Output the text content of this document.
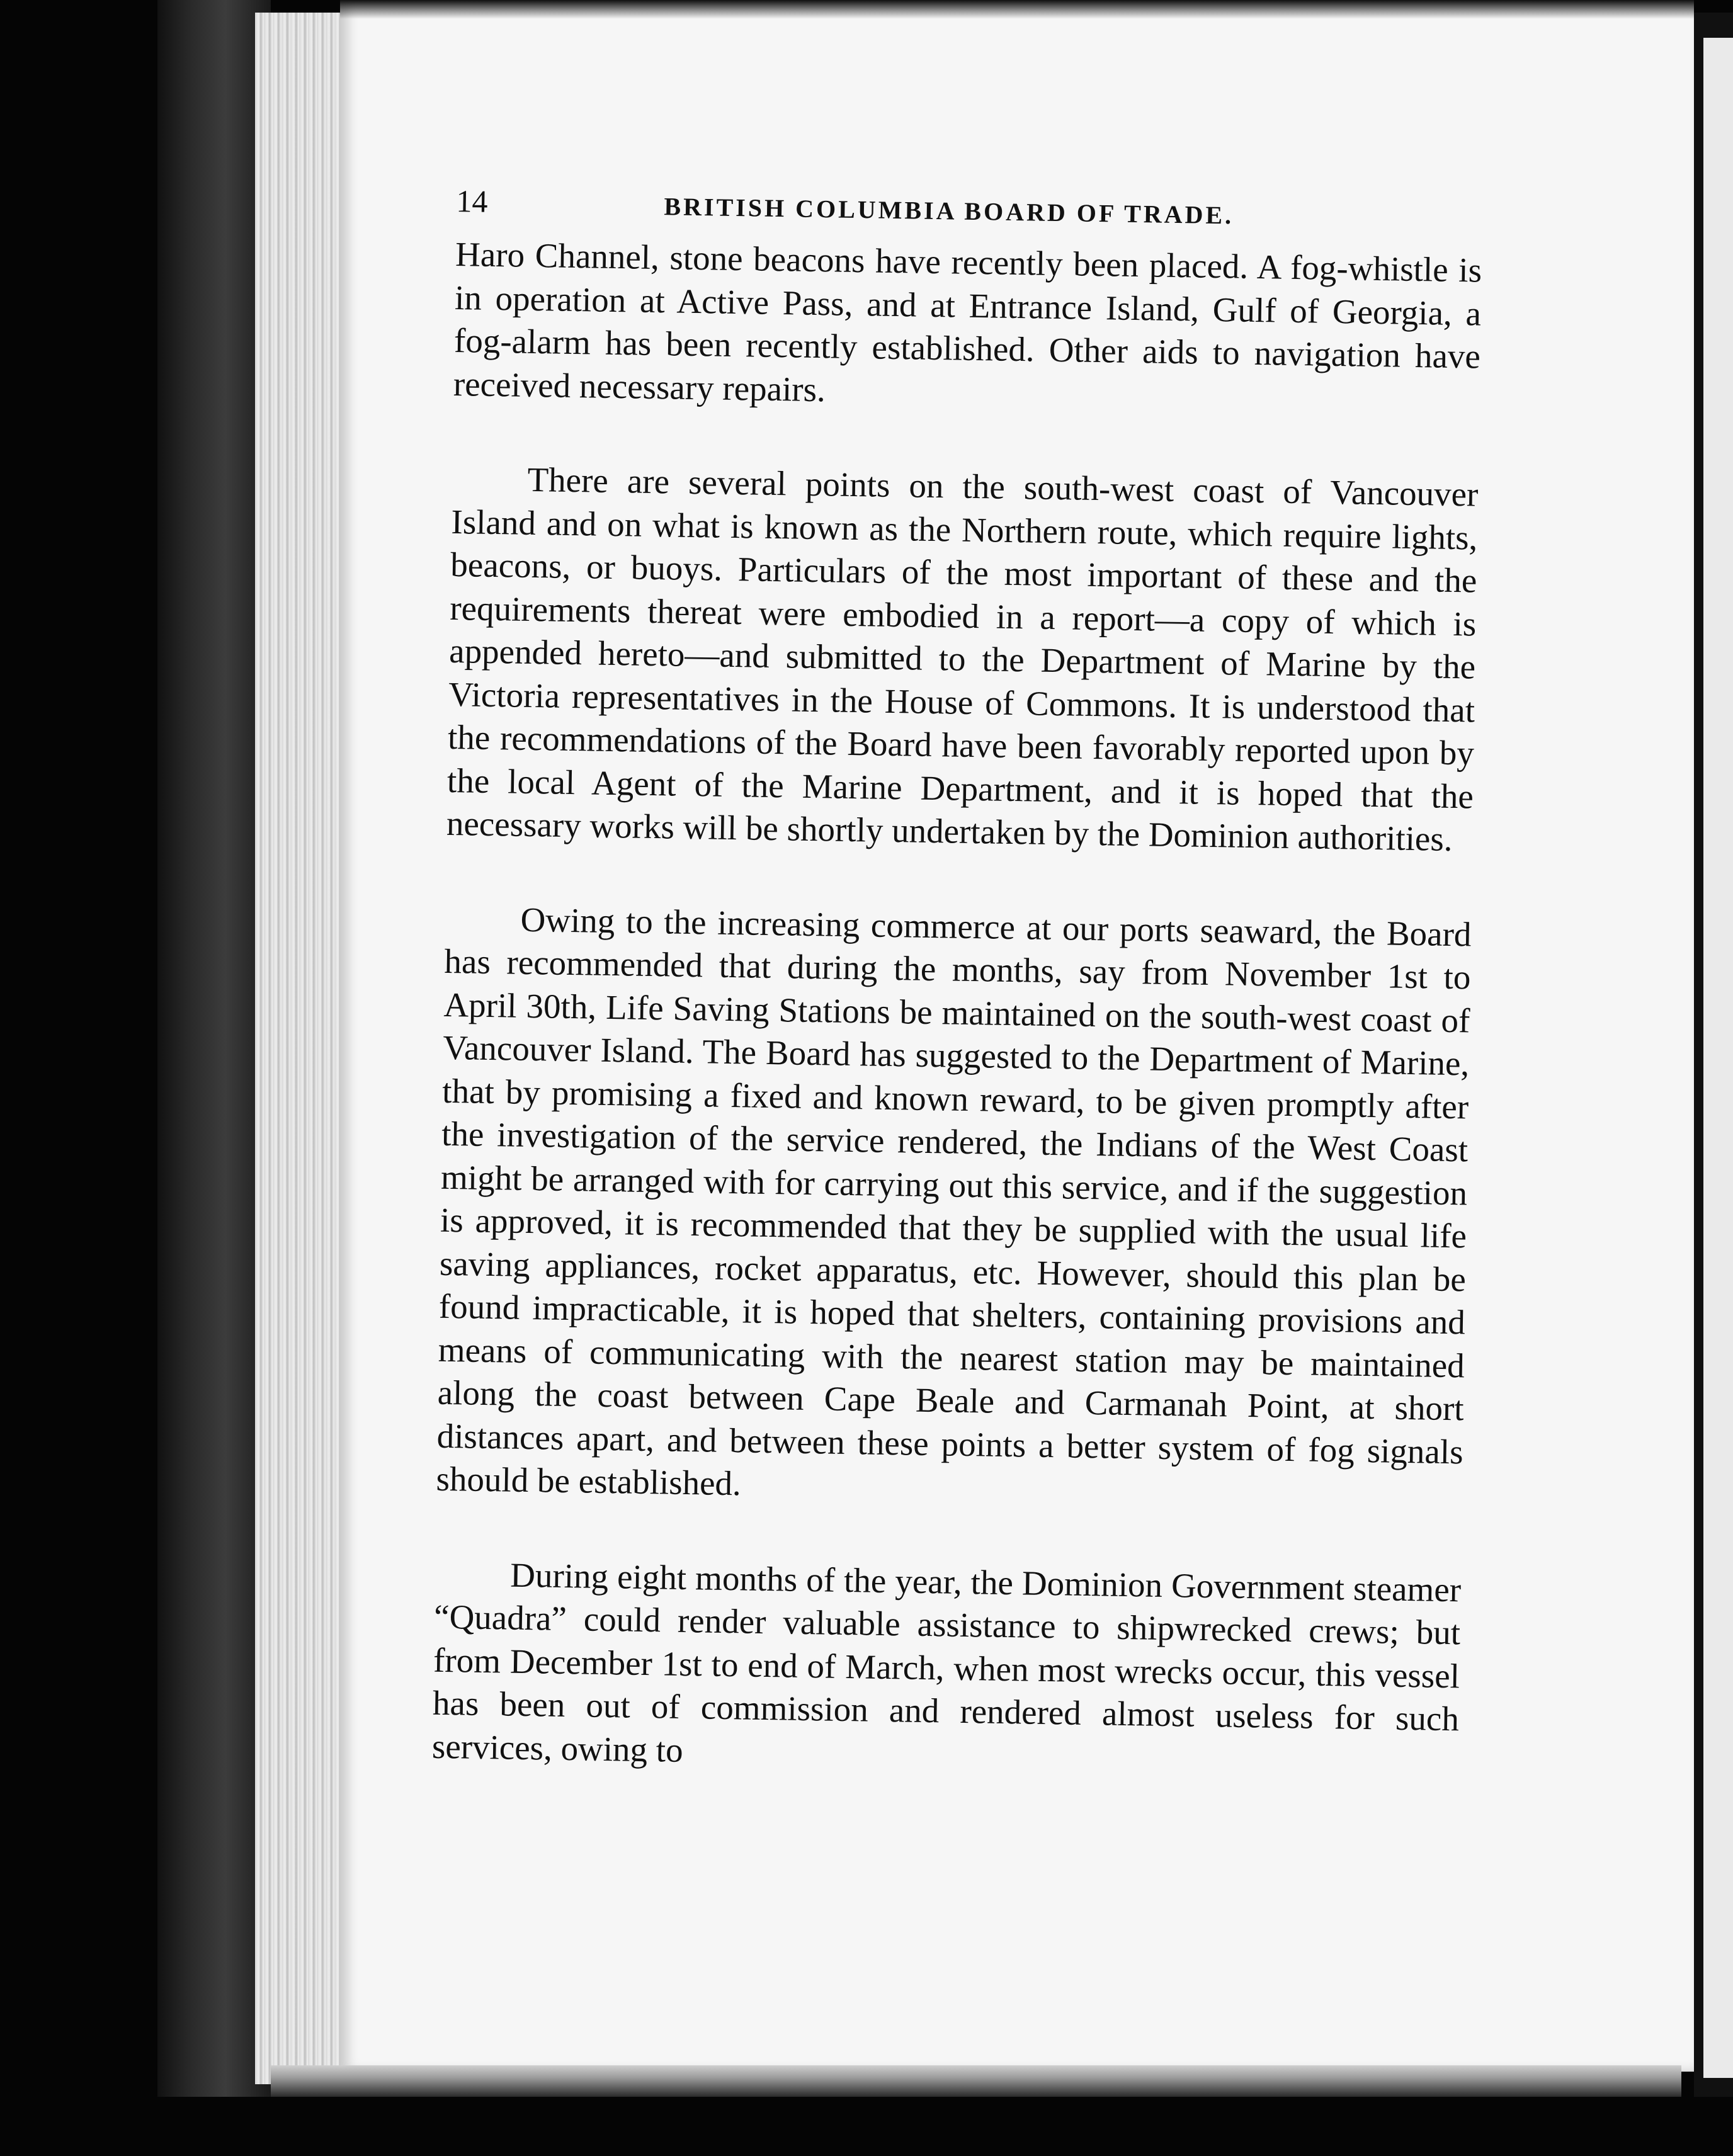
14	BRITISH COLUMBIA BOARD OF TRADE.

Haro Channel, stone beacons have recently been placed. A fog-whistle is in operation at Active Pass, and at Entrance Island, Gulf of Georgia, a fog-alarm has been recently established. Other aids to navigation have received necessary repairs.

There are several points on the south-west coast of Vancouver Island and on what is known as the Northern route, which require lights, beacons, or buoys. Particulars of the most important of these and the requirements thereat were embodied in a report—a copy of which is appended hereto—and submitted to the Department of Marine by the Victoria representatives in the House of Commons. It is understood that the recommendations of the Board have been favorably reported upon by the local Agent of the Marine Department, and it is hoped that the necessary works will be shortly undertaken by the Dominion authorities.

Owing to the increasing commerce at our ports seaward, the Board has recommended that during the months, say from November 1st to April 30th, Life Saving Stations be maintained on the south-west coast of Vancouver Island. The Board has suggested to the Department of Marine, that by promising a fixed and known reward, to be given promptly after the investigation of the service rendered, the Indians of the West Coast might be arranged with for carrying out this service, and if the suggestion is approved, it is recommended that they be supplied with the usual life saving appliances, rocket apparatus, etc. However, should this plan be found impracticable, it is hoped that shelters, containing provisions and means of communicating with the nearest station may be maintained along the coast between Cape Beale and Carmanah Point, at short distances apart, and between these points a better system of fog signals should be established.

During eight months of the year, the Dominion Government steamer “Quadra” could render valuable assistance to shipwrecked crews; but from December 1st to end of March, when most wrecks occur, this vessel has been out of commission and rendered almost useless for such services, owing to
